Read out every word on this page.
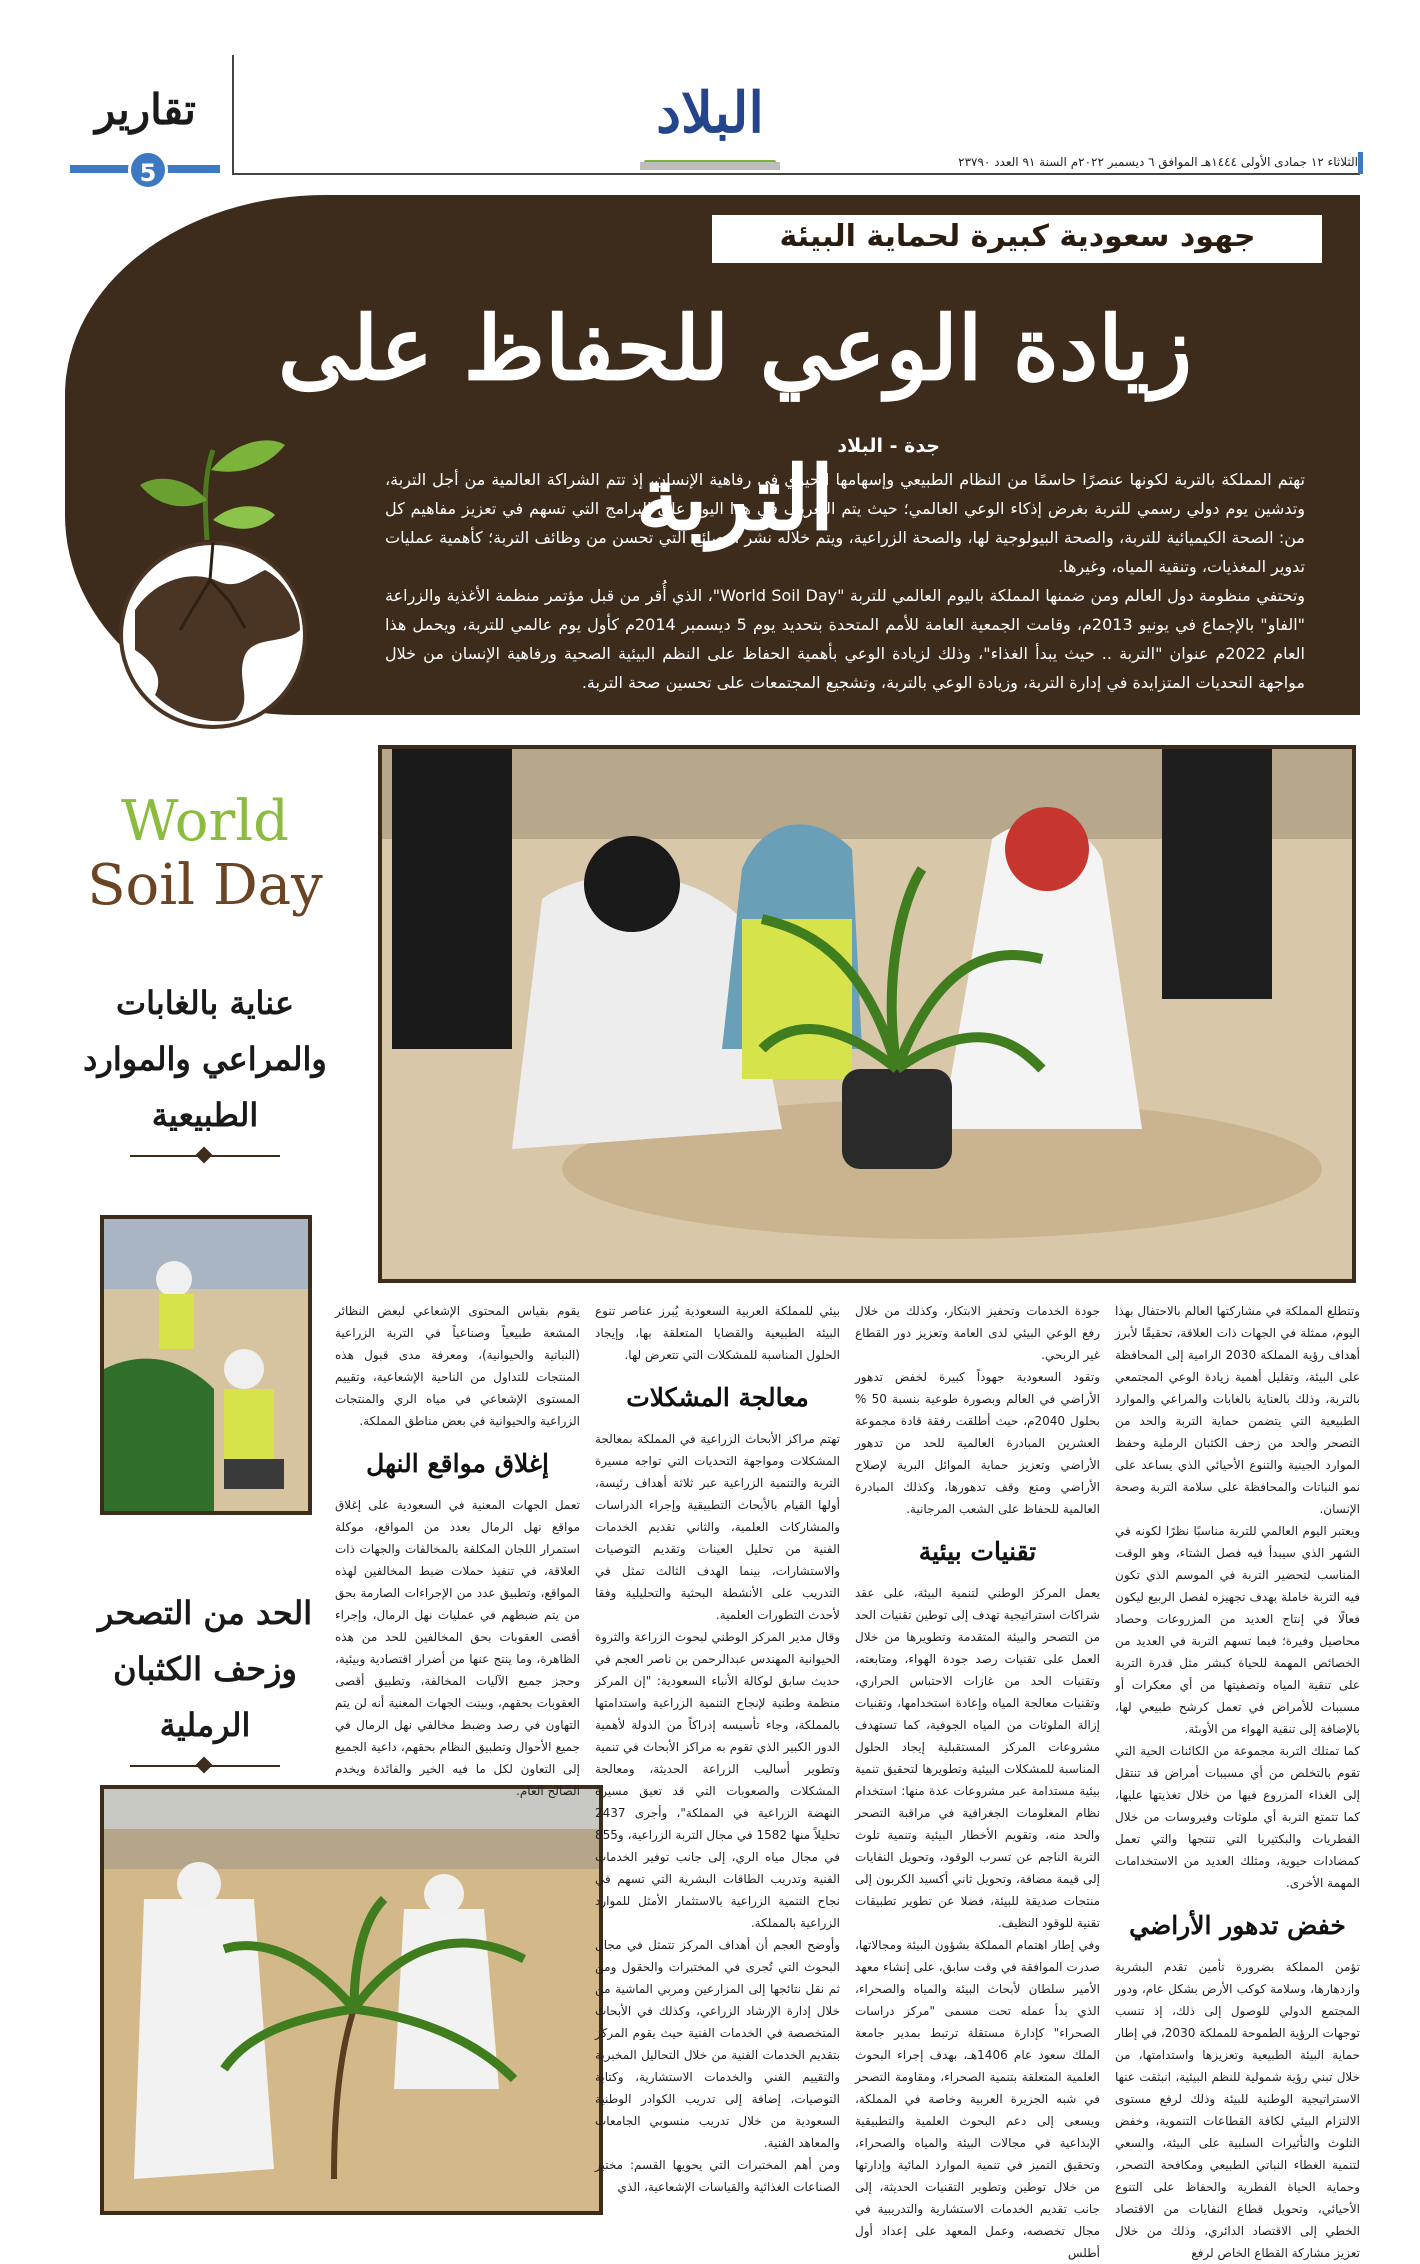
تقارير
5
البلاد
الثلاثاء ١٢ جمادى الأولى ١٤٤٤هـ الموافق ٦ ديسمبر ٢٠٢٢م السنة ٩١ العدد ٢٣٧٩٠
جهود سعودية كبيرة لحماية البيئة
زيادة الوعي للحفاظ على التربة جدة - البلاد

تهتم المملكة بالتربة لكونها عنصرًا حاسمًا من النظام الطبيعي وإسهامها الحيوي في رفاهية الإنسان، إذ تتم الشراكة العالمية من أجل التربة، وتدشين يوم دولي رسمي للتربة بغرض إذكاء الوعي العالمي؛ حيث يتم التعريف في هذا اليوم على البرامج التي تسهم في تعزيز مفاهيم كل من: الصحة الكيميائية للتربة، والصحة البيولوجية لها، والصحة الزراعية، ويتم خلاله نشر النصائح التي تحسن من وظائف التربة؛ كأهمية عمليات تدوير المغذيات، وتنقية المياه، وغيرها.

وتحتفي منظومة دول العالم ومن ضمنها المملكة باليوم العالمي للتربة "World Soil Day"، الذي أُقر من قبل مؤتمر منظمة الأغذية والزراعة "الفاو" بالإجماع في يونيو 2013م، وقامت الجمعية العامة للأمم المتحدة بتحديد يوم 5 ديسمبر 2014م كأول يوم عالمي للتربة، ويحمل هذا العام 2022م عنوان "التربة .. حيث يبدأ الغذاء"، وذلك لزيادة الوعي بأهمية الحفاظ على النظم البيئية الصحية ورفاهية الإنسان من خلال مواجهة التحديات المتزايدة في إدارة التربة، وزيادة الوعي بالتربة، وتشجيع المجتمعات على تحسين صحة التربة.

World
Soil Day
عناية بالغابات والمراعي والموارد الطبيعية
الحد من التصحر وزحف الكثبان الرملية

وتتطلع المملكة في مشاركتها العالم بالاحتفال بهذا اليوم، ممثلة في الجهات ذات العلاقة، تحقيقًا لأبرز أهداف رؤية المملكة 2030 الرامية إلى المحافظة على البيئة، وتقليل أهمية زيادة الوعي المجتمعي بالتربة، وذلك بالعناية بالغابات والمراعي والموارد الطبيعية التي يتضمن حماية التربة والحد من التصحر والحد من زحف الكثبان الرملية وحفظ الموارد الجينية والتنوع الأحيائي الذي يساعد على نمو النباتات والمحافظة على سلامة التربة وصحة الإنسان.

ويعتبر اليوم العالمي للتربة مناسبًا نظرًا لكونه في الشهر الذي سيبدأ فيه فصل الشتاء، وهو الوقت المناسب لتحضير التربة في الموسم الذي تكون فيه التربة خاملة بهدف تجهيزه لفصل الربيع ليكون فعالًا في إنتاج العديد من المزروعات وحصاد محاصيل وفيرة؛ فيما تسهم التربة في العديد من الخصائص المهمة للحياة كبشر مثل قدرة التربة على تنقية المياه وتصفيتها من أي معكرات أو مسببات للأمراض في تعمل كرشح طبيعي لها، بالإضافة إلى تنقية الهواء من الأوبئة.

كما تمتلك التربة مجموعة من الكائنات الحية التي تقوم بالتخلص من أي مسببات أمراض قد تنتقل إلى الغذاء المزروع فيها من خلال تغذيتها عليها، كما تتمتع التربة أي ملوثات وفيروسات من خلال الفطريات والبكتيريا التي تنتجها والتي تعمل كمضادات حيوية، ومثلك العديد من الاستخدامات المهمة الأخرى.

خفض تدهور الأراضي

تؤمن المملكة بضرورة تأمين تقدم البشرية وازدهارها، وسلامة كوكب الأرض بشكل عام، ودور المجتمع الدولي للوصول إلى ذلك، إذ تنسب توجهات الرؤية الطموحة للمملكة 2030، في إطار حماية البيئة الطبيعية وتعزيزها واستدامتها، من خلال تبني رؤية شمولية للنظم البيئية، انبثقت عنها الاستراتيجية الوطنية للبيئة وذلك لرفع مستوى الالتزام البيئي لكافة القطاعات التنموية، وخفض التلوث والتأثيرات السلبية على البيئة، والسعي لتنمية الغطاء النباتي الطبيعي ومكافحة التصحر، وحماية الحياة الفطرية والحفاظ على التنوع الأحيائي، وتحويل قطاع النفايات من الاقتصاد الخطي إلى الاقتصاد الدائري، وذلك من خلال تعزيز مشاركة القطاع الخاص لرفع

جودة الخدمات وتحفيز الابتكار، وكذلك من خلال رفع الوعي البيئي لدى العامة وتعزيز دور القطاع غير الربحي.

وتقود السعودية جهوداً كبيرة لخفض تدهور الأراضي في العالم وبصورة طوعية بنسبة 50 % بحلول 2040م، حيث أطلقت رفقة قادة مجموعة العشرين المبادرة العالمية للحد من تدهور الأراضي وتعزيز حماية الموائل البرية لإصلاح الأراضي ومنع وقف تدهورها، وكذلك المبادرة العالمية للحفاظ على الشعب المرجانية.

تقنيات بيئية

يعمل المركز الوطني لتنمية البيئة، على عقد شراكات استراتيجية تهدف إلى توطين تقنيات الحد من التصحر والبيئة المتقدمة وتطويرها من خلال العمل على تقنيات رصد جودة الهواء، ومتابعته، وتقنيات الحد من غازات الاحتباس الحراري، وتقنيات معالجة المياه وإعادة استخدامها، وتقنيات إزالة الملوثات من المياه الجوفية، كما تستهدف مشروعات المركز المستقبلية إيجاد الحلول المناسبة للمشكلات البيئية وتطويرها لتحقيق تنمية بيئية مستدامة عبر مشروعات عدة منها: استخدام نظام المعلومات الجغرافية في مراقبة التصحر والحد منه، وتقويم الأخطار البيئية وتنمية تلوث التربة الناجم عن تسرب الوقود، وتحويل النفايات إلى قيمة مضافة، وتحويل ثاني أكسيد الكربون إلى منتجات صديقة للبيئة، فضلا عن تطوير تطبيقات تقنية للوقود النظيف.

وفي إطار اهتمام المملكة بشؤون البيئة ومجالاتها، صدرت الموافقة في وقت سابق، على إنشاء معهد الأمير سلطان لأبحاث البيئة والمياه والصحراء، الذي بدأ عمله تحت مسمى "مركز دراسات الصحراء" كإدارة مستقلة ترتبط بمدير جامعة الملك سعود عام 1406هـ، بهدف إجراء البحوث العلمية المتعلقة بتنمية الصحراء، ومقاومة التصحر في شبه الجزيرة العربية وخاصة في المملكة، ويسعى إلى دعم البحوث العلمية والتطبيقية الإبداعية في مجالات البيئة والمياه والصحراء، وتحقيق التميز في تنمية الموارد المائية وإدارتها من خلال توطين وتطوير التقنيات الحديثة، إلى جانب تقديم الخدمات الاستشارية والتدريبية في مجال تخصصه، وعمل المعهد على إعداد أول أطلس

بيئي للمملكة العربية السعودية يُبرز عناصر تنوع البيئة الطبيعية والقضايا المتعلقة بها، وإيجاد الحلول المناسبة للمشكلات التي تتعرض لها.

معالجة المشكلات

تهتم مراكز الأبحاث الزراعية في المملكة بمعالجة المشكلات ومواجهة التحديات التي تواجه مسيرة التربة والتنمية الزراعية عبر ثلاثة أهداف رئيسة، أولها القيام بالأبحاث التطبيقية وإجراء الدراسات والمشاركات العلمية، والثاني تقديم الخدمات الفنية من تحليل العينات وتقديم التوصيات والاستشارات، بينما الهدف الثالث تمثل في التدريب على الأنشطة البحثية والتحليلية وفقا لأحدث التطورات العلمية.

وقال مدير المركز الوطني لبحوث الزراعة والثروة الحيوانية المهندس عبدالرحمن بن ناصر العجم في حديث سابق لوكالة الأنباء السعودية: "إن المركز منظمة وطنية لإنجاح التنمية الزراعية واستدامتها بالمملكة، وجاء تأسيسه إدراكاً من الدولة لأهمية الدور الكبير الذي تقوم به مراكز الأبحاث في تنمية وتطوير أساليب الزراعة الحديثة، ومعالجة المشكلات والصعوبات التي قد تعيق مسيرة النهضة الزراعية في المملكة"، وأجرى 2437 تحليلاً منها 1582 في مجال التربة الزراعية، و855 في مجال مياه الري، إلى جانب توفير الخدمات الفنية وتدريب الطاقات البشرية التي تسهم في نجاح التنمية الزراعية بالاستثمار الأمثل للموارد الزراعية بالمملكة.

وأوضح العجم أن أهداف المركز تتمثل في مجال البحوث التي تُجرى في المختبرات والحقول ومن ثم نقل نتائجها إلى المزارعين ومربي الماشية من خلال إدارة الإرشاد الزراعي، وكذلك في الأبحاث المتخصصة في الخدمات الفنية حيث يقوم المركز بتقديم الخدمات الفنية من خلال التحاليل المخبرية والتقييم الفني والخدمات الاستشارية، وكتابة التوصيات، إضافة إلى تدريب الكوادر الوطنية السعودية من خلال تدريب منسوبي الجامعات والمعاهد الفنية.

ومن أهم المختبرات التي يحويها القسم: مختبر الصناعات الغذائية والقياسات الإشعاعية، الذي

يقوم بقياس المحتوى الإشعاعي لبعض النظائر المشعة طبيعياً وصناعياً في التربة الزراعية (النباتية والحيوانية)، ومعرفة مدى قبول هذه المنتجات للتداول من الناحية الإشعاعية، وتقييم المستوى الإشعاعي في مياه الري والمنتجات الزراعية والحيوانية في بعض مناطق المملكة.

إغلاق مواقع النهل

تعمل الجهات المعنية في السعودية على إغلاق مواقع نهل الرمال بعدد من المواقع، موكلة استمرار اللجان المكلفة بالمخالفات والجهات ذات العلاقة، في تنفيذ حملات ضبط المخالفين لهذه المواقع، وتطبيق عدد من الإجراءات الصارمة بحق من يتم ضبطهم في عمليات نهل الرمال، وإجراء أقصى العقوبات بحق المخالفين للحد من هذه الظاهرة، وما ينتج عنها من أضرار اقتصادية وبيئية، وحجز جميع الآليات المخالفة، وتطبيق أقصى العقوبات بحقهم، وبينت الجهات المعنية أنه لن يتم التهاون في رصد وضبط مخالفي نهل الرمال في جميع الأحوال وتطبيق النظام بحقهم، داعية الجميع إلى التعاون لكل ما فيه الخير والفائدة ويخدم الصالح العام.
